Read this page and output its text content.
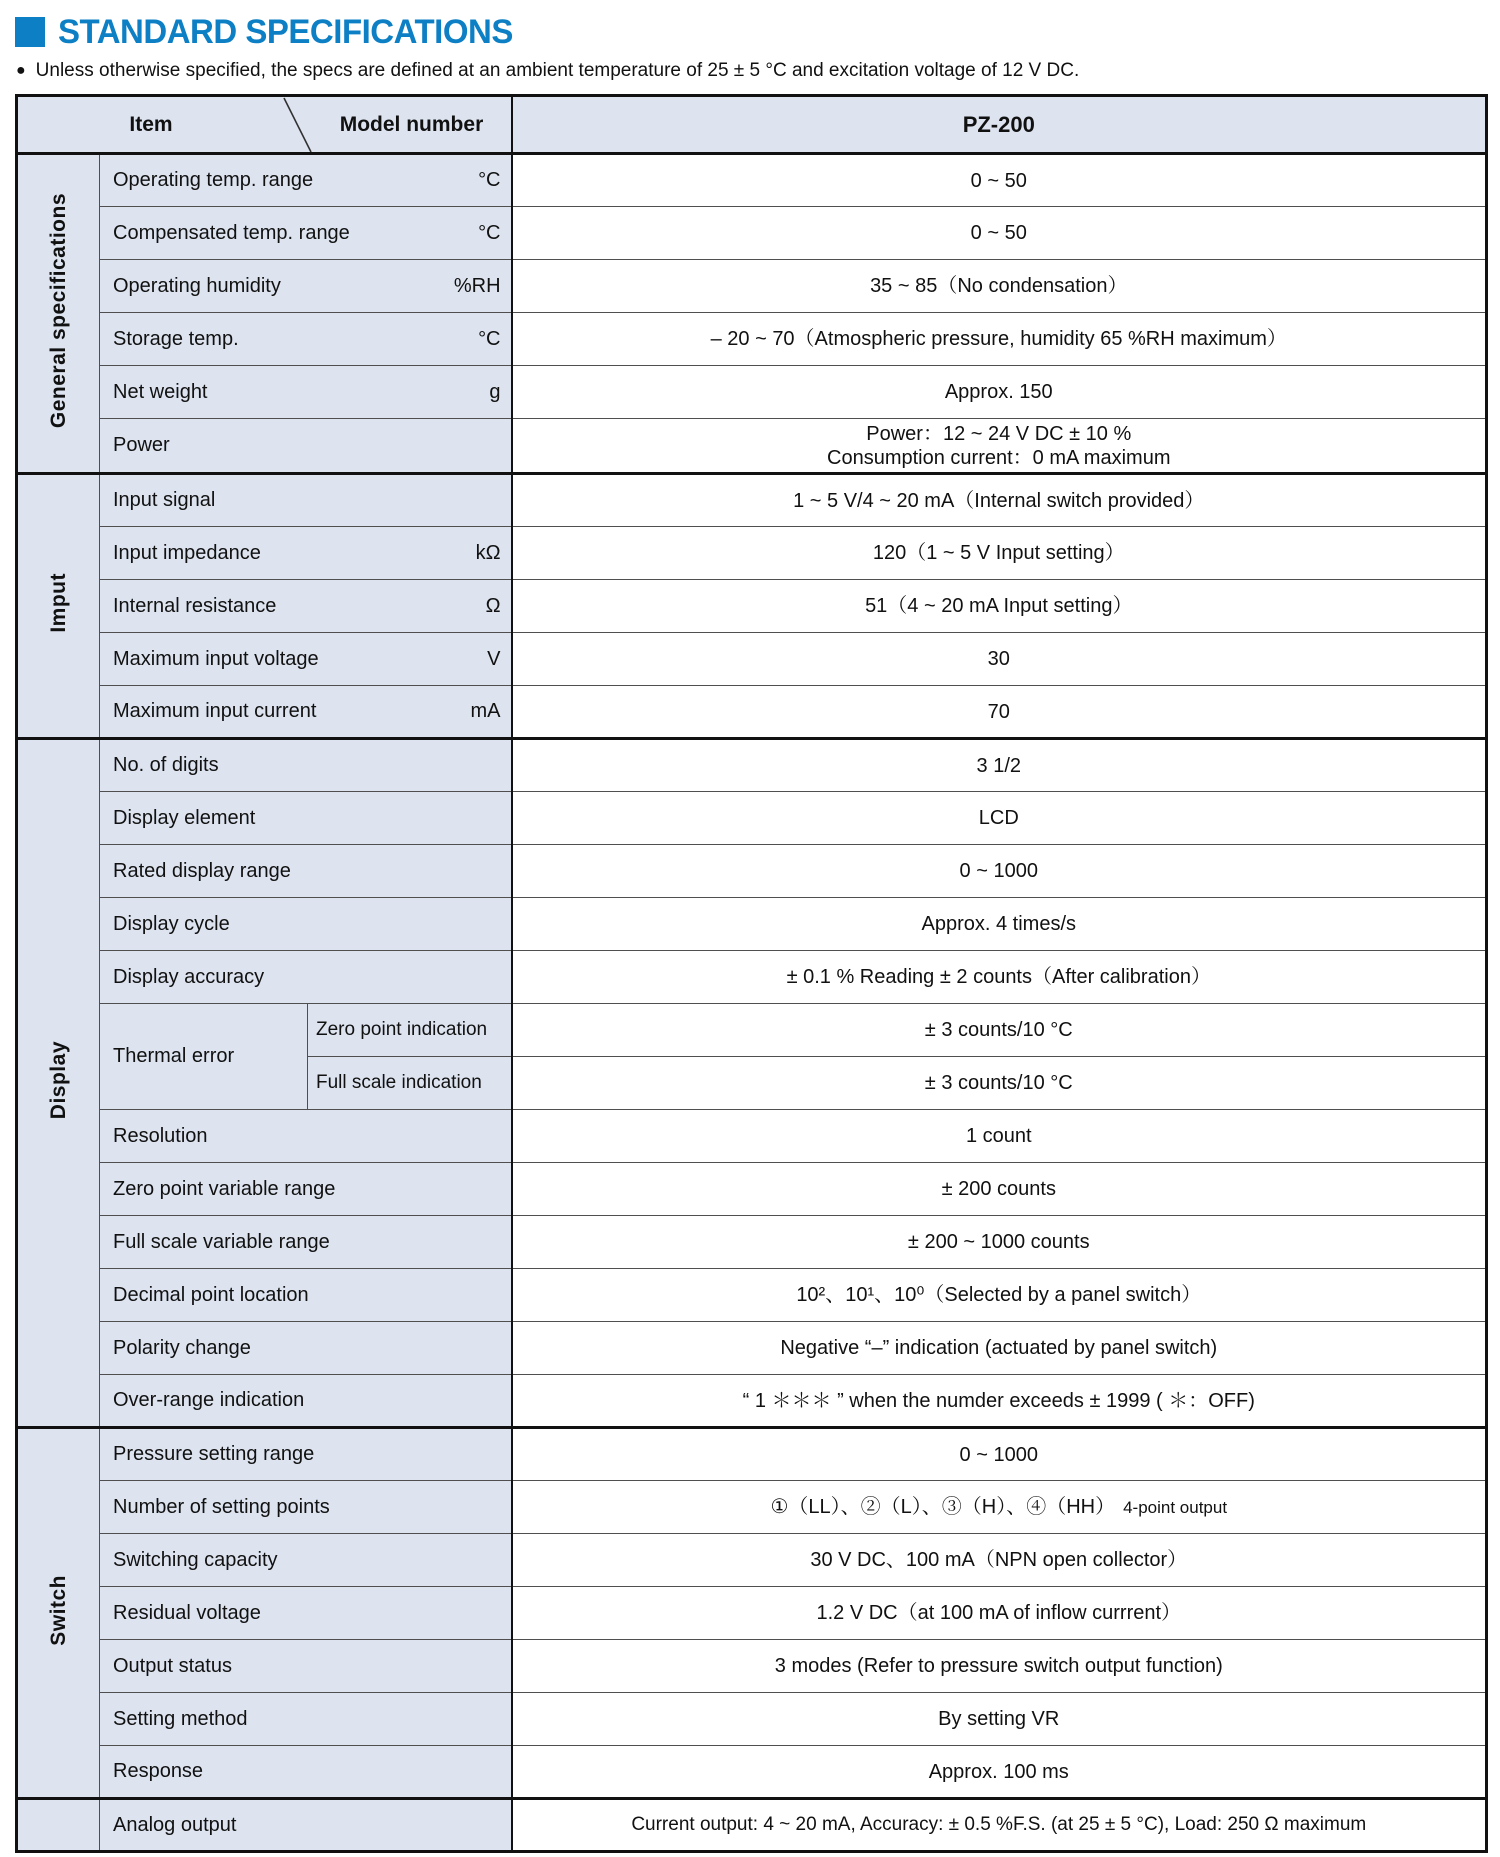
STANDARD SPECIFICATIONS
● Unless otherwise specified, the specs are defined at an ambient temperature of 25 ± 5 °C and excitation voltage of 12 V DC.
Item Model number			PZ-200
General specifications	Operating temp. range °C		0 ~ 50

	Compensated temp. range °C		0 ~ 50

	Operating humidity %RH		35 ~ 85（No condensation）

	Storage temp. °C		– 20 ~ 70（Atmospheric pressure, humidity 65 %RH maximum）

	Net weight g		Approx. 150

	Power		Power：12 ~ 24 V DC ± 10 %
Consumption current：0 mA maximum

Imput	Input signal		1 ~ 5 V/4 ~ 20 mA（Internal switch provided）

	Input impedance kΩ		120（1 ~ 5 V Input setting）

	Internal resistance Ω		51（4 ~ 20 mA Input setting）

	Maximum input voltage V		30

	Maximum input current mA		70
Display	No. of digits		3 1/2

	Display element		LCD

	Rated display range		0 ~ 1000

	Display cycle		Approx. 4 times/s

	Display accuracy		± 0.1 % Reading ± 2 counts（After calibration）

	Thermal error	Zero point indication	± 3 counts/10 °C

		Full scale indication	± 3 counts/10 °C

	Resolution		1 count

	Zero point variable range		± 200 counts

	Full scale variable range		± 200 ~ 1000 counts

	Decimal point location		10²、10¹、10⁰（Selected by a panel switch）

	Polarity change		Negative “–” indication (actuated by panel switch)

	Over-range indication		“ 1 ＊＊＊ ” when the numder exceeds ± 1999 ( ＊：OFF)
Switch	Pressure setting range		0 ~ 1000

	Number of setting points		①（LL）、②（L）、③（H）、④（HH） 4-point output

	Switching capacity		30 V DC、100 mA（NPN open collector）

	Residual voltage		1.2 V DC（at 100 mA of inflow currrent）

	Output status		3 modes (Refer to pressure switch output function)

	Setting method		By setting VR

	Response		Approx. 100 ms

	Analog output		Current output: 4 ~ 20 mA, Accuracy: ± 0.5 %F.S. (at 25 ± 5 °C), Load: 250 Ω maximum
